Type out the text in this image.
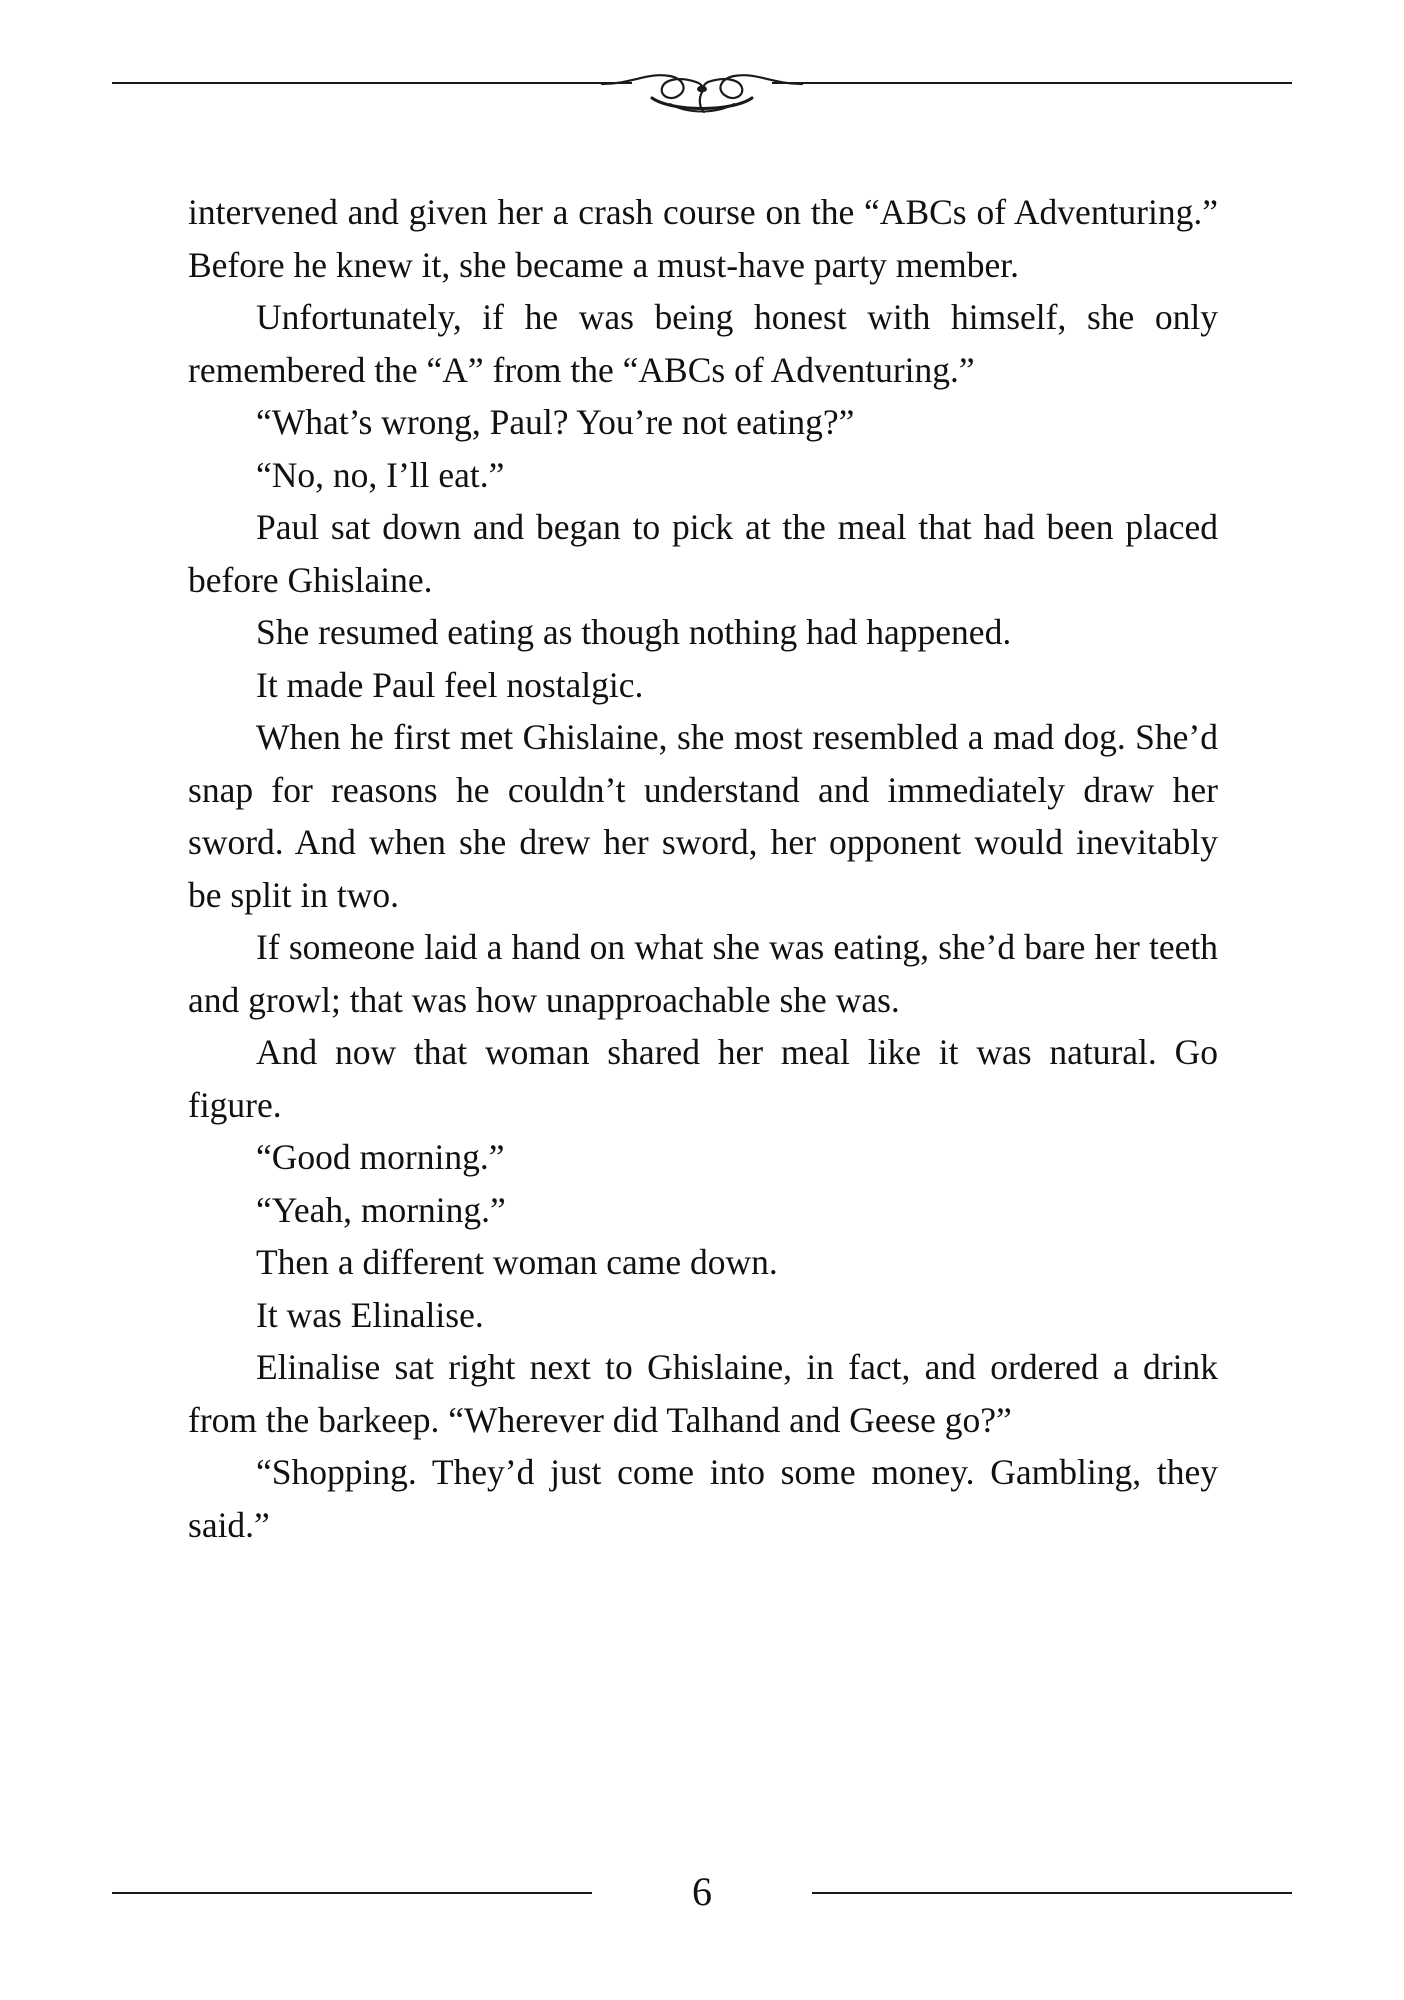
intervened and given her a crash course on the “ABCs of Adventuring.” Before he knew it, she became a must-have party member.

Unfortunately, if he was being honest with himself, she only remembered the “A” from the “ABCs of Adventuring.”

“What’s wrong, Paul? You’re not eating?”

“No, no, I’ll eat.”

Paul sat down and began to pick at the meal that had been placed before Ghislaine.

She resumed eating as though nothing had happened.

It made Paul feel nostalgic.

When he first met Ghislaine, she most resembled a mad dog. She’d snap for reasons he couldn’t understand and immediately draw her sword. And when she drew her sword, her opponent would inevitably be split in two.

If someone laid a hand on what she was eating, she’d bare her teeth and growl; that was how unapproachable she was.

And now that woman shared her meal like it was natural. Go figure.

“Good morning.”

“Yeah, morning.”

Then a different woman came down.

It was Elinalise.

Elinalise sat right next to Ghislaine, in fact, and ordered a drink from the barkeep. “Wherever did Talhand and Geese go?”

“Shopping. They’d just come into some money. Gambling, they said.”

6
